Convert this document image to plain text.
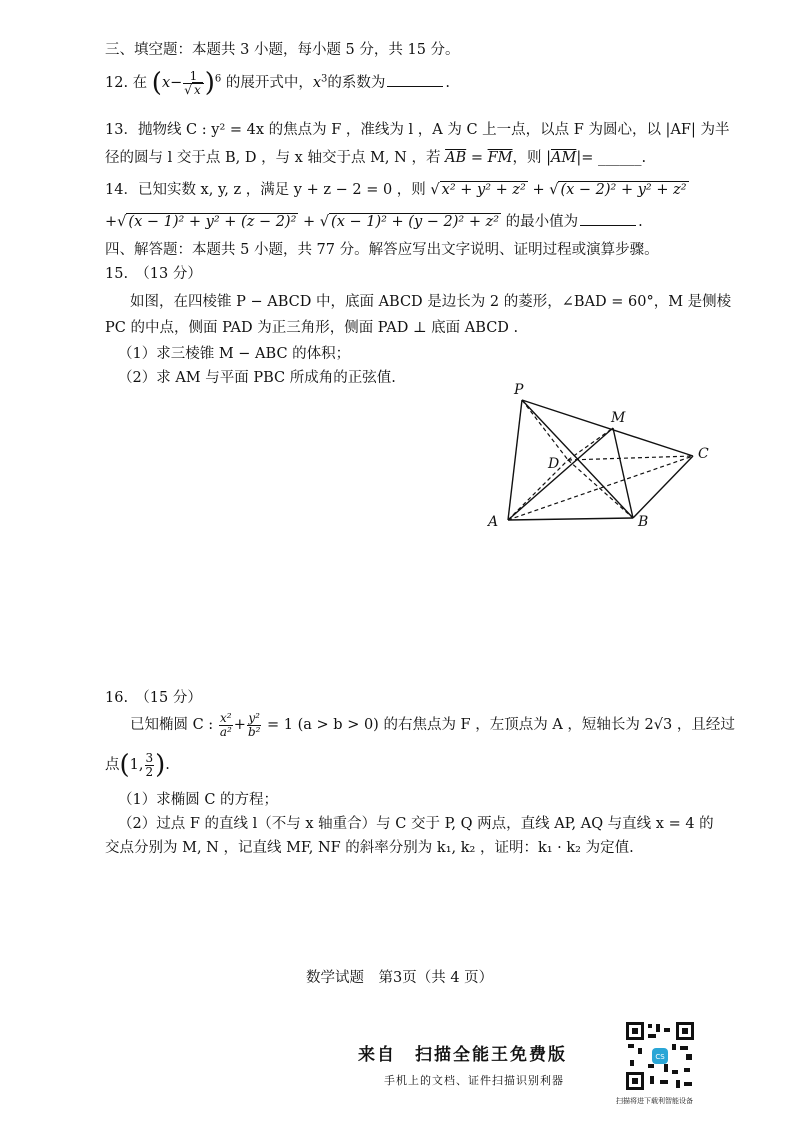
三、填空题：本题共 3 小题，每小题 5 分，共 15 分。
12. 在 (x− 1
√ x )$^6$ 的展开式中，$x^3$的系数为	.
13．抛物线 C : y² = 4x 的焦点为 F ，准线为 l ，A 为 C 上一点，以点 F 为圆心，以 |AF| 为半
径的圆与 l 交于点 B, D ，与 x 轴交于点 M, N ，若 $\overline{AB} = \overline{FM}$，则 $|\overline{AM}|=$ ______.
14．已知实数 x, y, z ，满足 y + z − 2 = 0 ，则 √ x² + y² + z² + √ (x − 2)² + y² + z²
+ √ (x − 1)² + y² + (z − 2)² + √ (x − 1)² + (y − 2)² + z² 的最小值为	.
四、解答题：本题共 5 小题，共 77 分。解答应写出文字说明、证明过程或演算步骤。
15.　（13 分）
如图，在四棱锥 P − ABCD 中，底面 ABCD 是边长为 2 的菱形，∠BAD = 60°，M 是侧棱
PC 的中点，侧面 PAD 为正三角形，侧面 PAD ⊥ 底面 ABCD .
（1）求三棱锥 M − ABC 的体积；
（2）求 AM 与平面 PBC 所成角的正弦值.
P
M
C
D
A	B
16.　（15 分）
已知椭圆 C : $\frac{\text{x²}}{\text{a²}} + \frac{\text{y²}}{\text{b²}} = 1$ (a > b > 0) 的右焦点为 F ，左顶点为 A ，短轴长为 2√3 ，且经过
点(1, $\frac{3}{2}$ ).
（1）求椭圆 C 的方程；
（2）过点 F 的直线 l（不与 x 轴重合）与 C 交于 P, Q 两点，直线 AP, AQ 与直线 x = 4 的
交点分别为 M, N ，记直线 MF, NF 的斜率分别为 k₁, k₂ ，证明：k₁ · k₂ 为定值.
数学试题　第3页（共 4 页）
来自　扫描全能王免费版
手机上的文档、证件扫描识别利器
CS
扫描将进下载利智能设备
